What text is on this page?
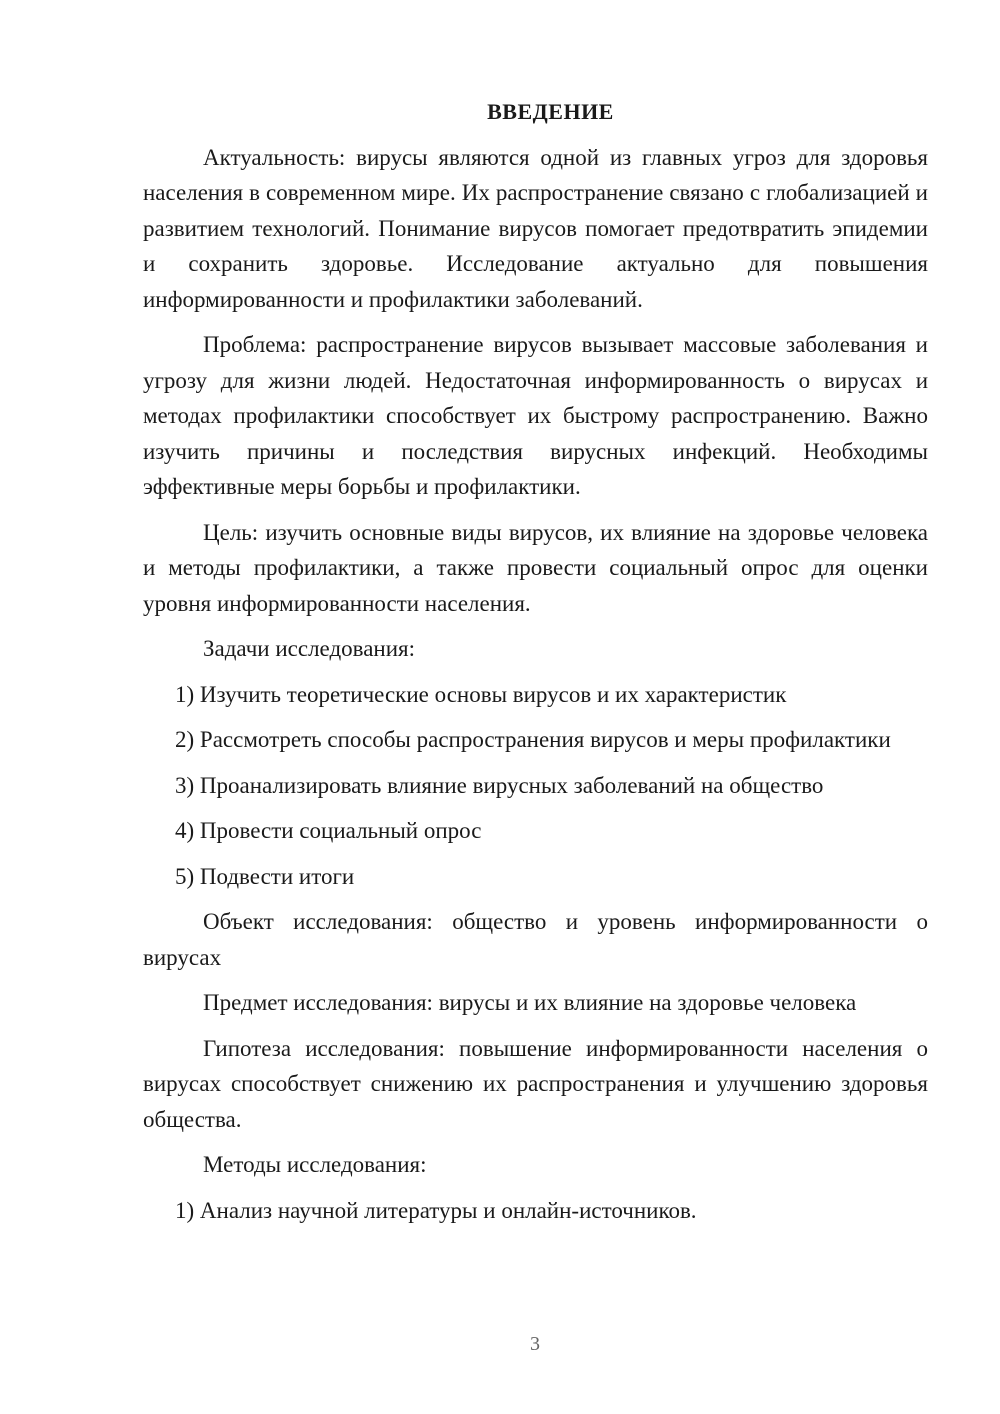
ВВЕДЕНИЕ

Актуальность: вирусы являются одной из главных угроз для здоровья населения в современном мире. Их распространение связано с глобализацией и развитием технологий. Понимание вирусов помогает предотвратить эпидемии и сохранить здоровье. Исследование актуально для повышения информированности и профилактики заболеваний.

Проблема: распространение вирусов вызывает массовые заболевания и угрозу для жизни людей. Недостаточная информированность о вирусах и методах профилактики способствует их быстрому распространению. Важно изучить причины и последствия вирусных инфекций. Необходимы эффективные меры борьбы и профилактики.

Цель: изучить основные виды вирусов, их влияние на здоровье человека и методы профилактики, а также провести социальный опрос для оценки уровня информированности населения.

Задачи исследования:

1) Изучить теоретические основы вирусов и их характеристик

2) Рассмотреть способы распространения вирусов и меры профилактики

3) Проанализировать влияние вирусных заболеваний на общество

4) Провести социальный опрос

5) Подвести итоги

Объект исследования: общество и уровень информированности о вирусах

Предмет исследования: вирусы и их влияние на здоровье человека

Гипотеза исследования: повышение информированности населения о вирусах способствует снижению их распространения и улучшению здоровья общества.

Методы исследования:

1) Анализ научной литературы и онлайн-источников.

3
